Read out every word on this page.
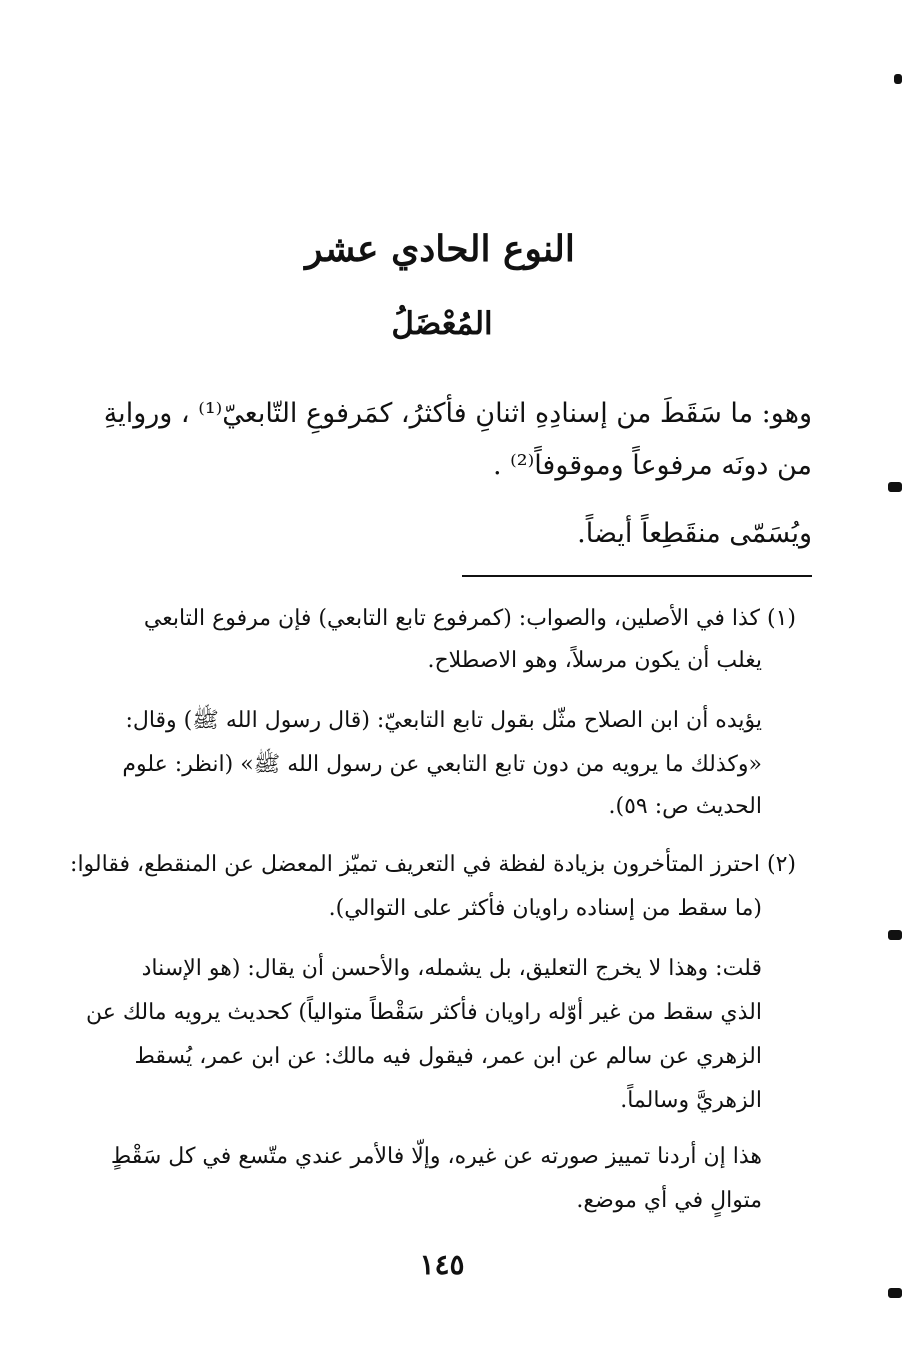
النوع الحادي عشر
المُعْضَلُ
وهو: ما سَقَطَ من إسنادِهِ اثنانِ فأكثرُ، كمَرفوعِ التّابعيّ⁽¹⁾ ، وروايةِ
من دونَه مرفوعاً وموقوفاً⁽²⁾ .
ويُسَمّى منقَطِعاً أيضاً.
(١) كذا في الأصلين، والصواب: (كمرفوع تابع التابعي) فإن مرفوع التابعي
يغلب أن يكون مرسلاً، وهو الاصطلاح.
يؤيده أن ابن الصلاح مثّل بقول تابع التابعيّ: (قال رسول الله ﷺ) وقال:
«وكذلك ما يرويه من دون تابع التابعي عن رسول الله ﷺ» (انظر: علوم
الحديث ص: ٥٩).
(٢) احترز المتأخرون بزيادة لفظة في التعريف تميّز المعضل عن المنقطع، فقالوا:
(ما سقط من إسناده راويان فأكثر على التوالي).
قلت: وهذا لا يخرج التعليق، بل يشمله، والأحسن أن يقال: (هو الإسناد
الذي سقط من غير أوّله راويان فأكثر سَقْطاً متوالياً) كحديث يرويه مالك عن
الزهري عن سالم عن ابن عمر، فيقول فيه مالك: عن ابن عمر، يُسقط
الزهريَّ وسالماً.
هذا إن أردنا تمييز صورته عن غيره، وإلّا فالأمر عندي متّسع في كل سَقْطٍ
متوالٍ في أي موضع.
١٤٥
